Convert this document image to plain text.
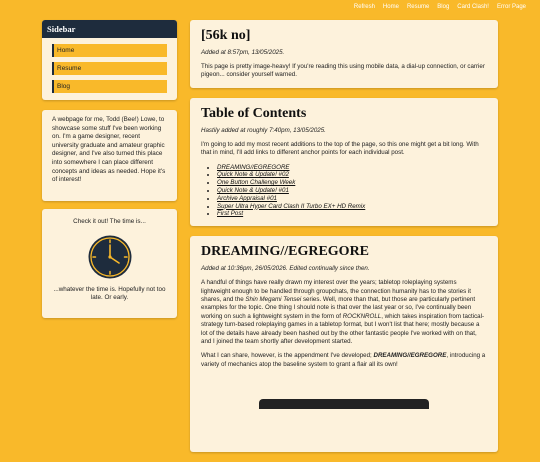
Refresh Home Resume Blog Card Clash! Error Page
Sidebar
Home
Resume
Blog
A webpage for me, Todd (Bee!) Lowe, to showcase some stuff I've been working on. I'm a game designer, recent university graduate and amateur graphic designer, and I've also turned this place into somewhere I can place different concepts and ideas as needed. Hope it's of interest!
Check it out! The time is...
...whatever the time is. Hopefully not too late. Or early.
[56k no]
Added at 8:57pm, 13/05/2025.

This page is pretty image-heavy! If you're reading this using mobile data, a dial-up connection, or carrier pigeon... consider yourself warned.

Table of Contents
Hastily added at roughly 7:40pm, 13/05/2025.

I'm going to add my most recent additions to the top of the page, so this one might get a bit long. With that in mind, I'll add links to different anchor points for each individual post.

• DREAMING//EGREGORE
• Quick Note & Update! #02
• One Button Challenge Week
• Quick Note & Update! #01
• Archive Appraisal #01
• Super Ultra Hyper Card Clash II Turbo EX+ HD Remix
• First Post
DREAMING//EGREGORE
Added at 10:36pm, 26/05/2026. Edited continually since then.

A handful of things have really drawn my interest over the years; tabletop roleplaying systems lightweight enough to be handled through groupchats, the connection humanity has to the stories it shares, and the Shin Megami Tensei series. Well, more than that, but those are particularly pertinent examples for the topic. One thing I should note is that over the last year or so, I've continually been working on such a lightweight system in the form of ROCKNROLL, which takes inspiration from tactical-strategy turn-based roleplaying games in a tabletop format, but I won't list that here; mostly because a lot of the details have already been hashed out by the other fantastic people I've worked with on that, and I joined the team shortly after development started.

What I can share, however, is the appendment I've developed; DREAMING//EGREGORE, introducing a variety of mechanics atop the baseline system to grant a flair all its own!
